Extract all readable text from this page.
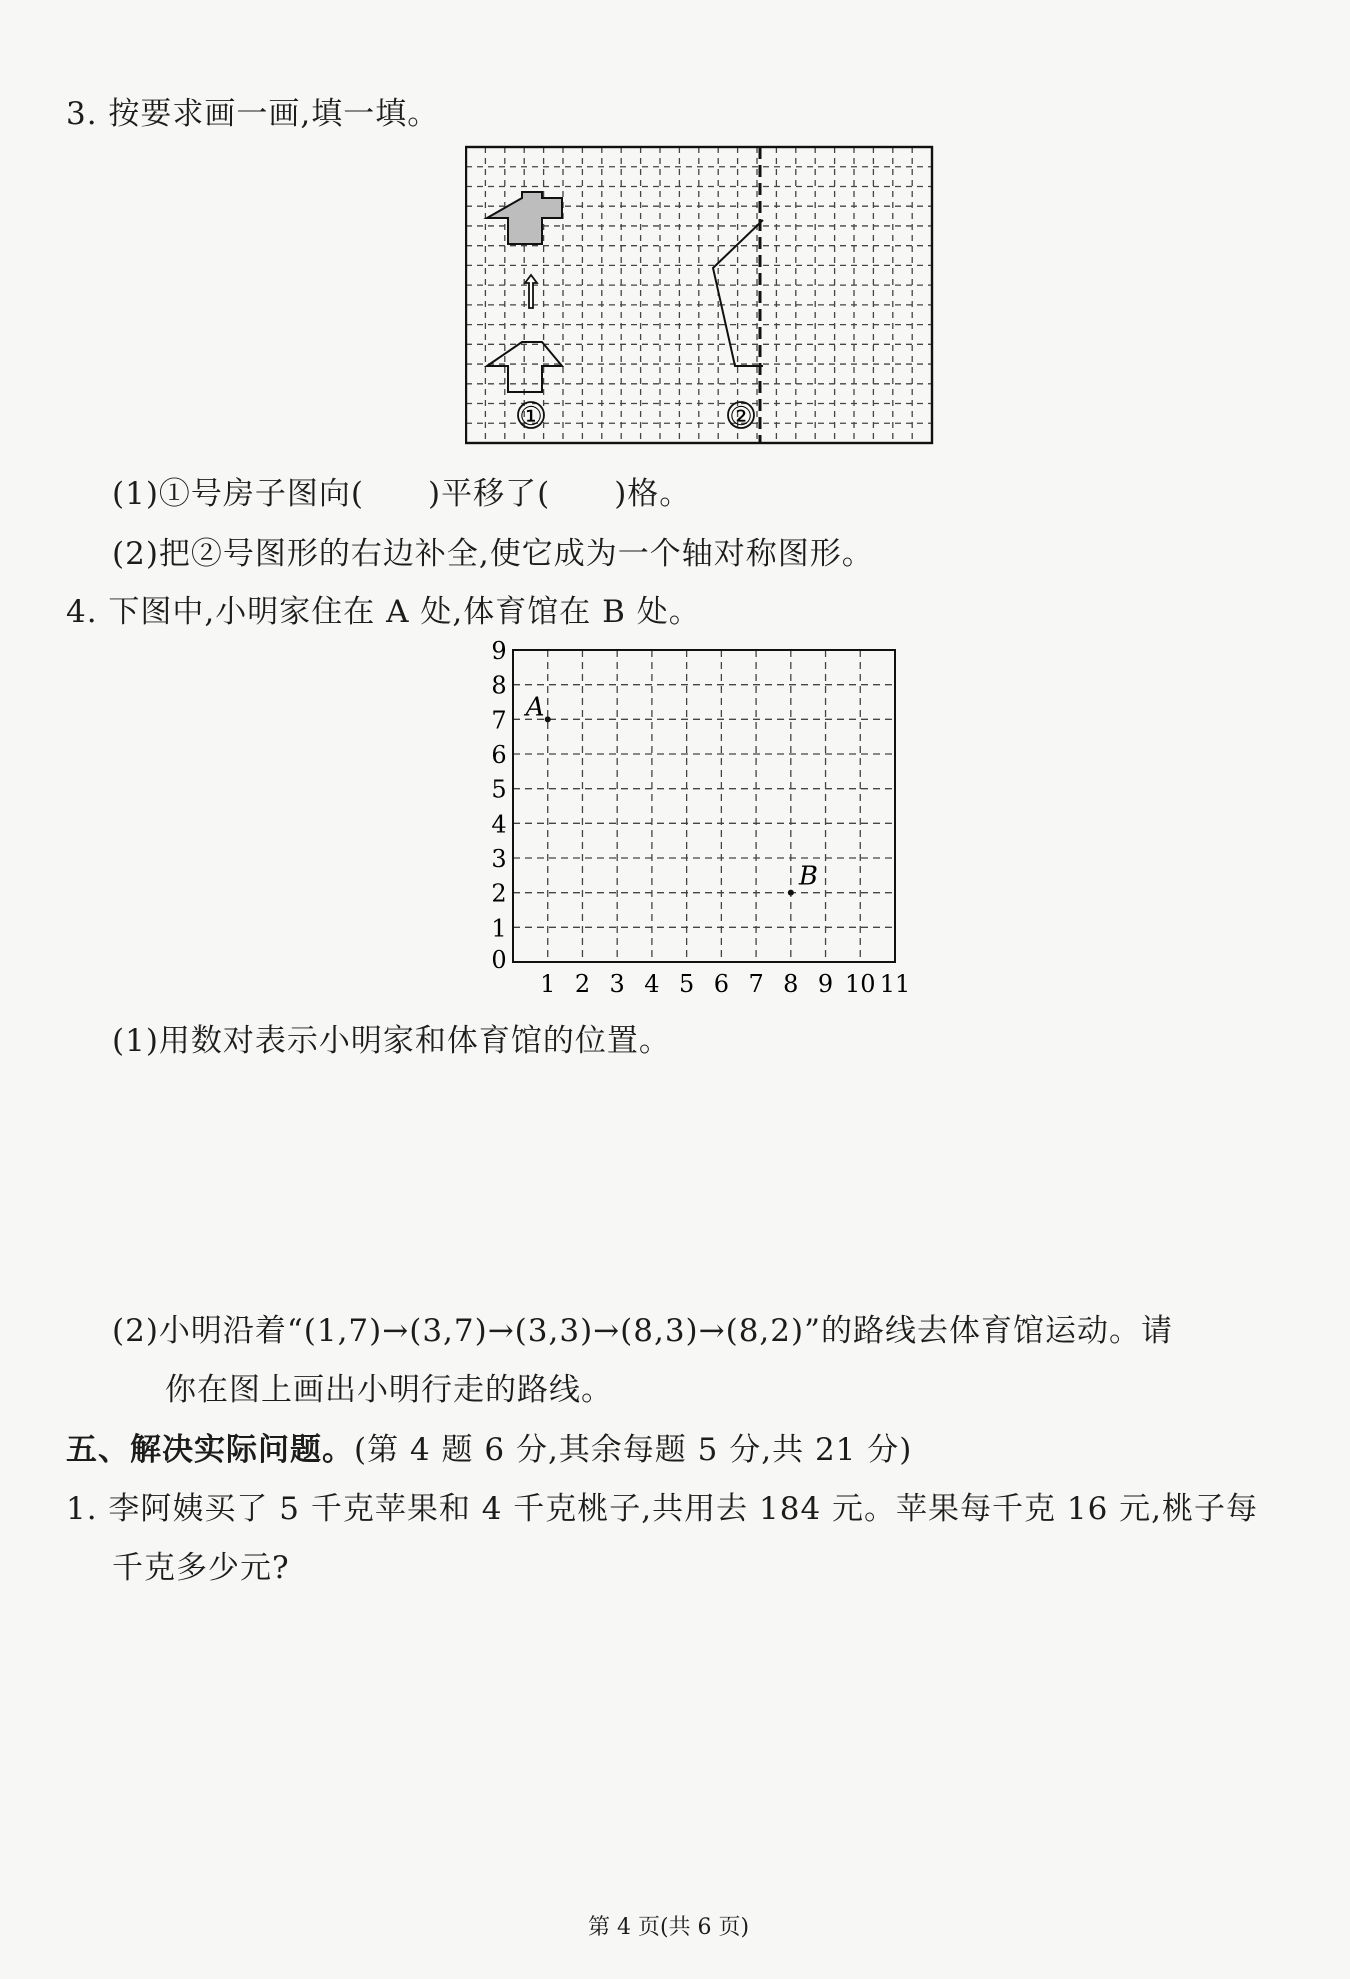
3. 按要求画一画,填一填。
①	②
(1)①号房子图向(　　)平移了(　　)格。
(2)把②号图形的右边补全,使它成为一个轴对称图形。
4. 下图中,小明家住在 A 处,体育馆在 B 处。
0
1 2 3 4 5 6 7 8 9 10 11
1
2
3
4
5
6
7
8
9
A
B
(1)用数对表示小明家和体育馆的位置。
(2)小明沿着“(1,7)→(3,7)→(3,3)→(8,3)→(8,2)”的路线去体育馆运动。请
你在图上画出小明行走的路线。
五、解决实际问题。(第 4 题 6 分,其余每题 5 分,共 21 分)
1. 李阿姨买了 5 千克苹果和 4 千克桃子,共用去 184 元。苹果每千克 16 元,桃子每
千克多少元?
第 4 页(共 6 页)
